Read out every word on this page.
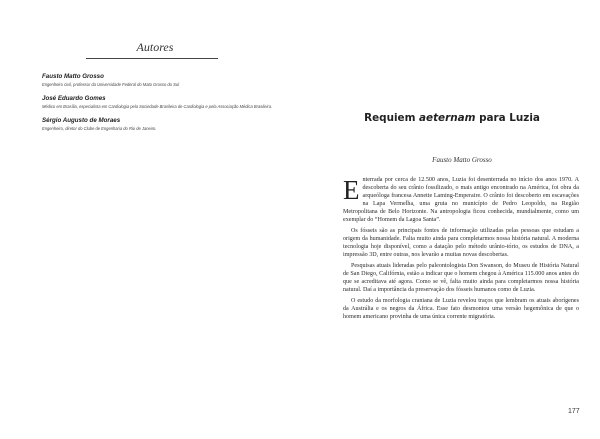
Autores
Fausto Matto Grosso
Engenheiro civil, professor da Universidade Federal do Mato Grosso do Sul
José Eduardo Gomes
Médico em Brasília, especialista em Cardiologia pela Sociedade Brasileira de Cardiologia e pela Associação Médica Brasileira.
Sérgio Augusto de Moraes
Engenheiro, diretor do Clube de Engenharia do Rio de Janeiro.
Requiem aeternam para Luzia
Fausto Matto Grosso

Enterrada por cerca de 12.500 anos, Luzia foi desenterrada no início dos anos 1970. A descoberta do seu crânio fossilizado, o mais antigo encontrado na América, foi obra da arqueóloga francesa Annette Laming-Emperaire. O crânio foi descoberto em escavações na Lapa Vermelha, uma gruta no município de Pedro Leopoldo, na Região Metropolitana de Belo Horizonte. Na antropologia ficou conhecida, mundialmente, como um exemplar do “Homem da Lagoa Santa”.

Os fósseis são as principais fontes de informação utilizadas pelas pessoas que estudam a origem da humanidade. Falta muito ainda para completarmos nossa história natural. A moderna tecnologia hoje disponível, como a datação pelo método urânio-tório, os estudos de DNA, a impressão 3D, entre outras, nos levarão a muitas novas descobertas.

Pesquisas atuais lideradas pelo paleontologista Don Swanson, do Museu de História Natural de San Diego, Califórnia, estão a indicar que o homem chegou à América 115.000 anos antes do que se acreditava até agora. Como se vê, falta muito ainda para completarmos nossa história natural. Daí a importância da preservação dos fósseis humanos como de Luzia.

O estudo da morfologia craniana de Luzia revelou traços que lembram os atuais aborígenes da Austrália e os negros da África. Esse fato desmontou uma versão hegemônica de que o homem americano provinha de uma única corrente migratória.

177
